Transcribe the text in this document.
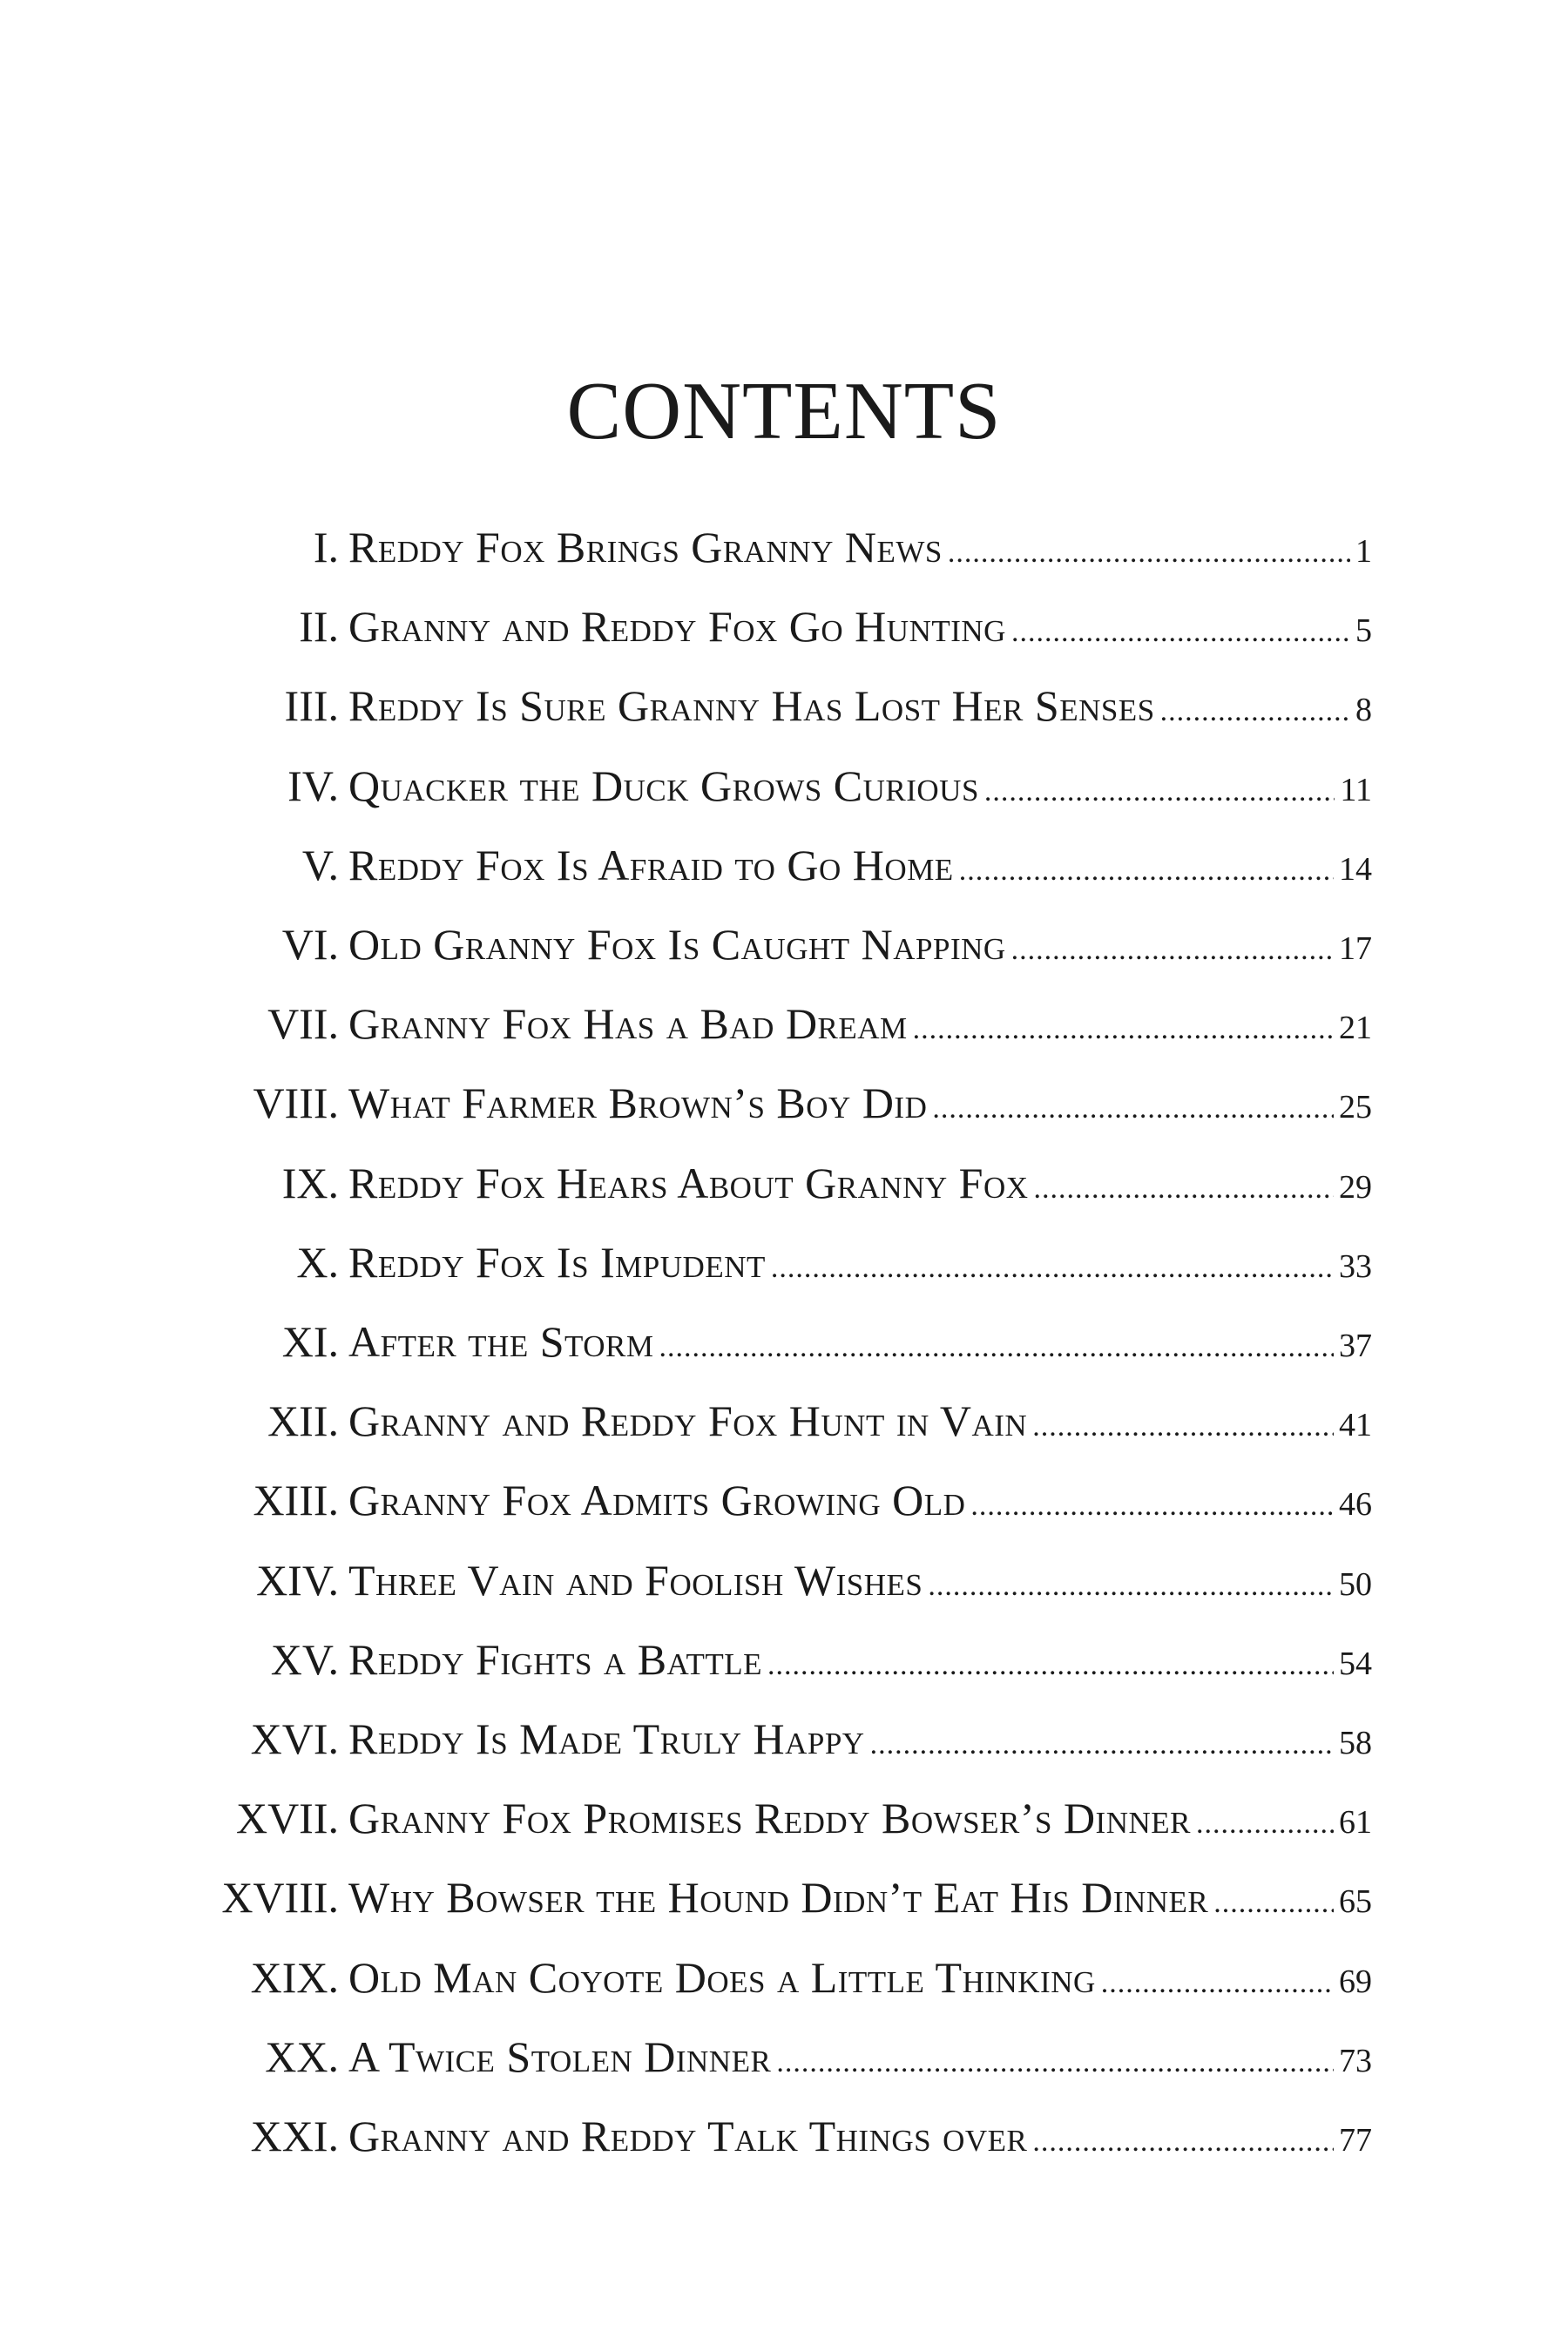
CONTENTS
I. Reddy Fox Brings Granny News .....	1
II. Granny and Reddy Fox Go Hunting .....	5
III. Reddy Is Sure Granny Has Lost Her Senses .....	8
IV. Quacker the Duck Grows Curious .....	11
V. Reddy Fox Is Afraid to Go Home .....	14
VI. Old Granny Fox Is Caught Napping .....	17
VII. Granny Fox Has a Bad Dream .....	21
VIII. What Farmer Brown’s Boy Did .....	25
IX. Reddy Fox Hears About Granny Fox .....	29
X. Reddy Fox Is Impudent .....	33
XI. After the Storm .....	37
XII. Granny and Reddy Fox Hunt in Vain .....	41
XIII. Granny Fox Admits Growing Old .....	46
XIV. Three Vain and Foolish Wishes .....	50
XV. Reddy Fights a Battle .....	54
XVI. Reddy Is Made Truly Happy .....	58
XVII. Granny Fox Promises Reddy Bowser’s Dinner .....	61
XVIII. Why Bowser the Hound Didn’t Eat His Dinner .....	65
XIX. Old Man Coyote Does a Little Thinking .....	69
XX. A Twice Stolen Dinner .....	73
XXI. Granny and Reddy Talk Things over .....	77
